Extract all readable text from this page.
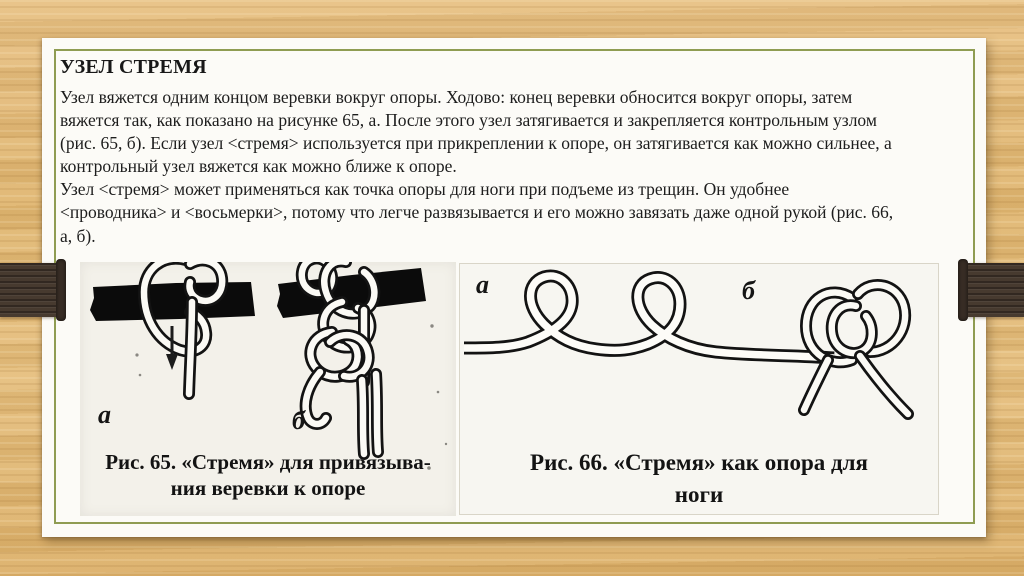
УЗЕЛ СТРЕМЯ
Узел вяжется одним концом веревки вокруг опоры. Ходово: конец веревки обносится вокруг опоры, затем
вяжется так, как показано на рисунке 65, а. После этого узел затягивается и закрепляется контрольным узлом
(рис. 65, б). Если узел <стремя> используется при прикреплении к опоре, он затягивается как можно сильнее, а
контрольный узел вяжется как можно ближе к опоре.
Узел <стремя> может применяться как точка опоры для ноги при подъеме из трещин. Он удобнее
<проводника> и <восьмерки>, потому что легче развязывается и его можно завязать даже одной рукой (рис. 66,
а, б).
а	б
Рис. 65. «Стремя» для привязыва-
ния веревки к опоре
а	б
Рис. 66. «Стремя» как опора для
ноги
